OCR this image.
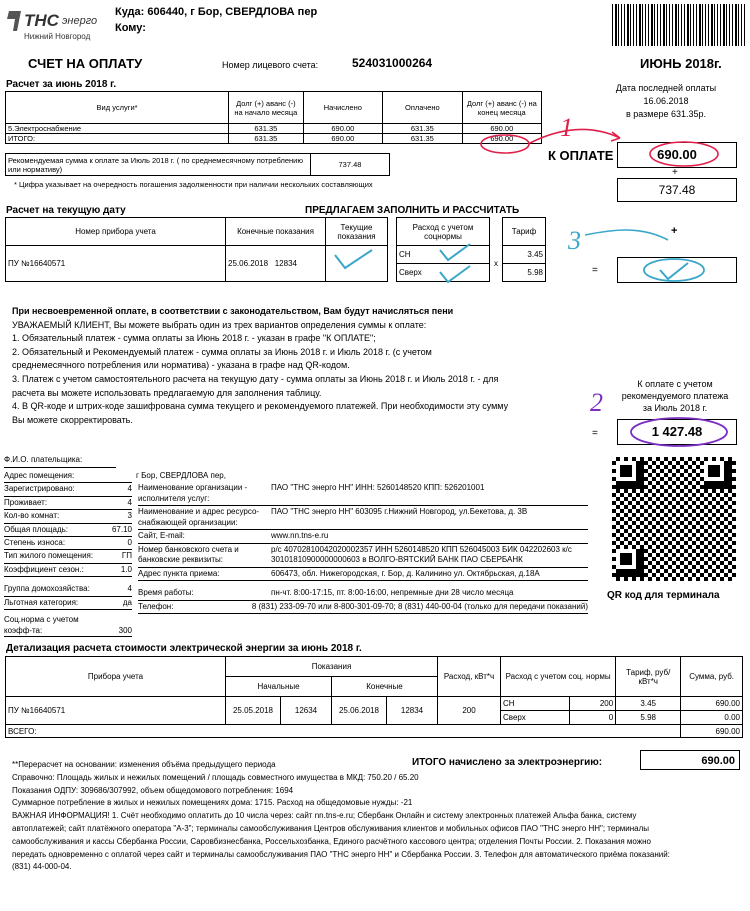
ТНС энерго
Нижний Новгород
Куда: 606440, г Бор, СВЕРДЛОВА пер
Кому:
СЧЕТ НА ОПЛАТУ	Номер лицевого счета:	524031000264	ИЮНЬ 2018г.
Расчет за июнь 2018 г.
Вид услуги*	Долг (+) аванс (-) на начало месяца	Начислено	Оплачено	Долг (+) аванс (-) на конец месяца
5.Электроснабжение	631.35	690.00	631.35	690.00
ИТОГО:	631.35	690.00	631.35	690.00
Рекомендуемая сумма к оплате за Июль 2018 г. ( по среднемесячному потреблению или нормативу)	737.48
* Цифра указывает на очередность погашения задолженности при наличии нескольких составляющих
Дата последней оплаты
16.06.2018
в размере 631.35р.
К ОПЛАТЕ	690.00
+
737.48
Расчет на текущую дату	ПРЕДЛАГАЕМ ЗАПОЛНИТЬ И РАССЧИТАТЬ
Номер прибора учета	Конечные показания	Текущие показания
ПУ №16640571	25.06.2018 12834	
Расход с учетом соцнормы		Тариф
СН	х	3.45
Сверх		5.98	=
+
При несвоевременной оплате, в соответствии с законодательством, Вам будут начисляться пени
УВАЖАЕМЫЙ КЛИЕНТ, Вы можете выбрать один из трех вариантов определения суммы к оплате:
1. Обязательный платеж - сумма оплаты за Июнь 2018 г. - указан в графе "К ОПЛАТЕ";
2. Обязательный и Рекомендуемый платеж - сумма оплаты за Июнь 2018 г. и Июль 2018 г. (с учетом
среднемесячного потребления или норматива) - указана в графе над QR-кодом.
3. Платеж с учетом самостоятельного расчета на текущую дату - сумма оплаты за Июнь 2018 г. и Июль 2018 г. - для
расчета вы можете использовать предлагаемую для заполнения таблицу.
4. В QR-коде и штрих-коде зашифрована сумма текущего и рекомендуемого платежей. При необходимости эту сумму
Вы можете скорректировать.
К оплате с учетом
рекомендуемого платежа
за Июль 2018 г.
=	1 427.48
Ф.И.О. плательщика:
Адрес помещения:
Зарегистрировано:	4
Проживает:	4
Кол-во комнат:	3
Общая площадь:	67.10
Степень износа:	0
Тип жилого помещения:	ГП
Коэффициент сезон.:	1.0
Группа домохозяйства:	4
Льготная категория:	да
Соц.норма с учетом коэфф-та:	300
г Бор, СВЕРДЛОВА пер,
Наименование организации - исполнителя услуг:
ПАО "ТНС энерго НН" ИНН: 5260148520 КПП: 526201001
Наименование и адрес ресурсо-снабжающей организации:
ПАО "ТНС энерго НН" 603095 г.Нижний Новгород, ул.Бекетова, д. 3В
Сайт, E-mail:	www.nn.tns-e.ru
Номер банковского счета и банковские реквизиты:
р/с 40702810042020002357 ИНН 5260148520 КПП 526045003 БИК 042202603 к/с 30101810900000000603 в ВОЛГО-ВЯТСКИЙ БАНК ПАО СБЕРБАНК
Адрес пункта приема:	606473, обл. Нижегородская, г. Бор, д. Калинино ул. Октябрьская, д.18А
Время работы:	пн-чт. 8:00-17:15, пт. 8:00-16:00, непремные дни 28 число месяца
Телефон:	8 (831) 233-09-70 или 8-800-301-09-70; 8 (831) 440-00-04 (только для передачи показаний)
QR код для терминала
Детализация расчета стоимости электрической энергии за июнь 2018 г.
Прибора учета	Показания				Расход, кВт*ч	Расход с учетом соц. нормы		Тариф, руб/кВт*ч	Сумма, руб.
	Начальные		Конечные						
ПУ №16640571	25.05.2018	12634	25.06.2018	12834	200	СН	200	3.45	690.00
						Сверх	0	5.98	0.00
ВСЕГО:									690.00
ИТОГО начислено за электроэнергию:	690.00
**Перерасчет на основании: изменения объёма предыдущего периода
Справочно: Площадь жилых и нежилых помещений / площадь совместного имущества в МКД: 750.20 / 65.20
Показания ОДПУ: 309686/307992, объем общедомового потребления: 1694
Суммарное потребление в жилых и нежилых помещениях дома: 1715. Расход на общедомовые нужды: -21
ВАЖНАЯ ИНФОРМАЦИЯ! 1. Счёт необходимо оплатить до 10 числа через: сайт nn.tns-e.ru; Сбербанк Онлайн и систему электронных платежей Альфа банка, систему
автоплатежей; сайт платёжного оператора "А-3"; терминалы самообслуживания Центров обслуживания клиентов и мобильных офисов ПАО "ТНС энерго НН"; терминалы
самообслуживания и кассы Сбербанка России, Саровбизнесбанка, Россельхозбанка, Единого расчётного кассового центра; отделения Почты России. 2. Показания можно
передать одновременно с оплатой через сайт и терминалы самообслуживания ПАО "ТНС энерго НН" и Сбербанка России. 3. Телефон для автоматического приёма показаний:
(831) 44-000-04.
1
3
2
